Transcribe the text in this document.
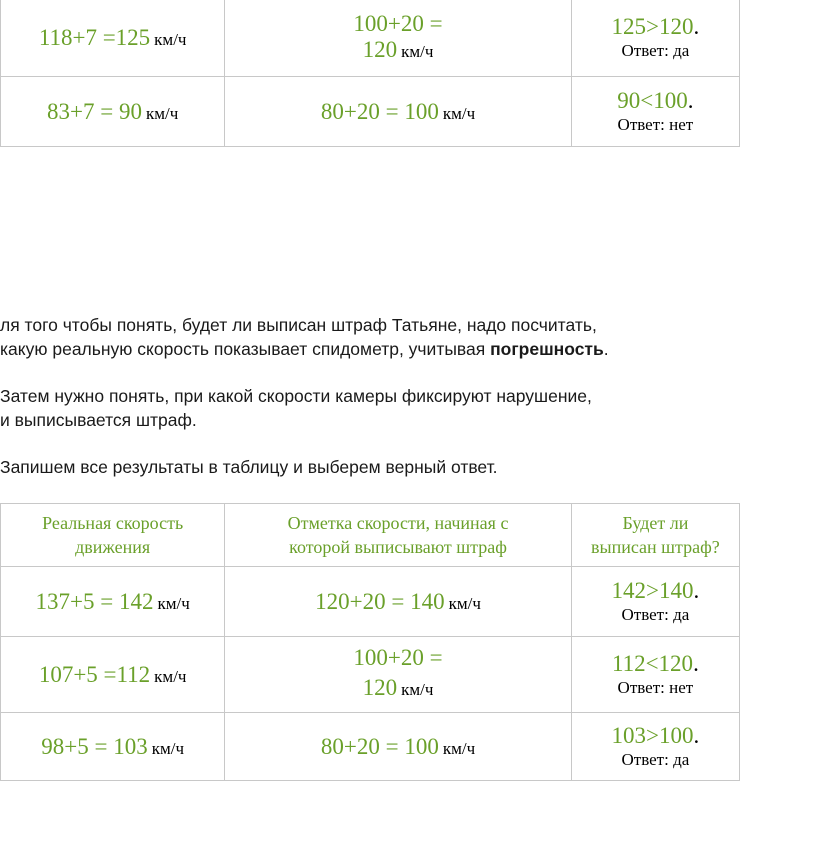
118+7 =125 км/ч	100+20 =
120 км/ч	125>120.
Ответ: да

83+7 = 90 км/ч	80+20 = 100 км/ч	90<100.
Ответ: нет

ля того чтобы понять, будет ли выписан штраф Татьяне, надо посчитать,
какую реальную скорость показывает спидометр, учитывая погрешность.

Затем нужно понять, при какой скорости камеры фиксируют нарушение,
и выписывается штраф.

Запишем все результаты в таблицу и выберем верный ответ.

Реальная скорость
движения	Отметка скорости, начиная с
которой выписывают штраф	Будет ли
выписан штраф?

137+5 = 142 км/ч	120+20 = 140 км/ч	142>140.
Ответ: да

107+5 =112 км/ч	100+20 =
120 км/ч	112<120.
Ответ: нет

98+5 = 103 км/ч	80+20 = 100 км/ч	103>100.
Ответ: да
